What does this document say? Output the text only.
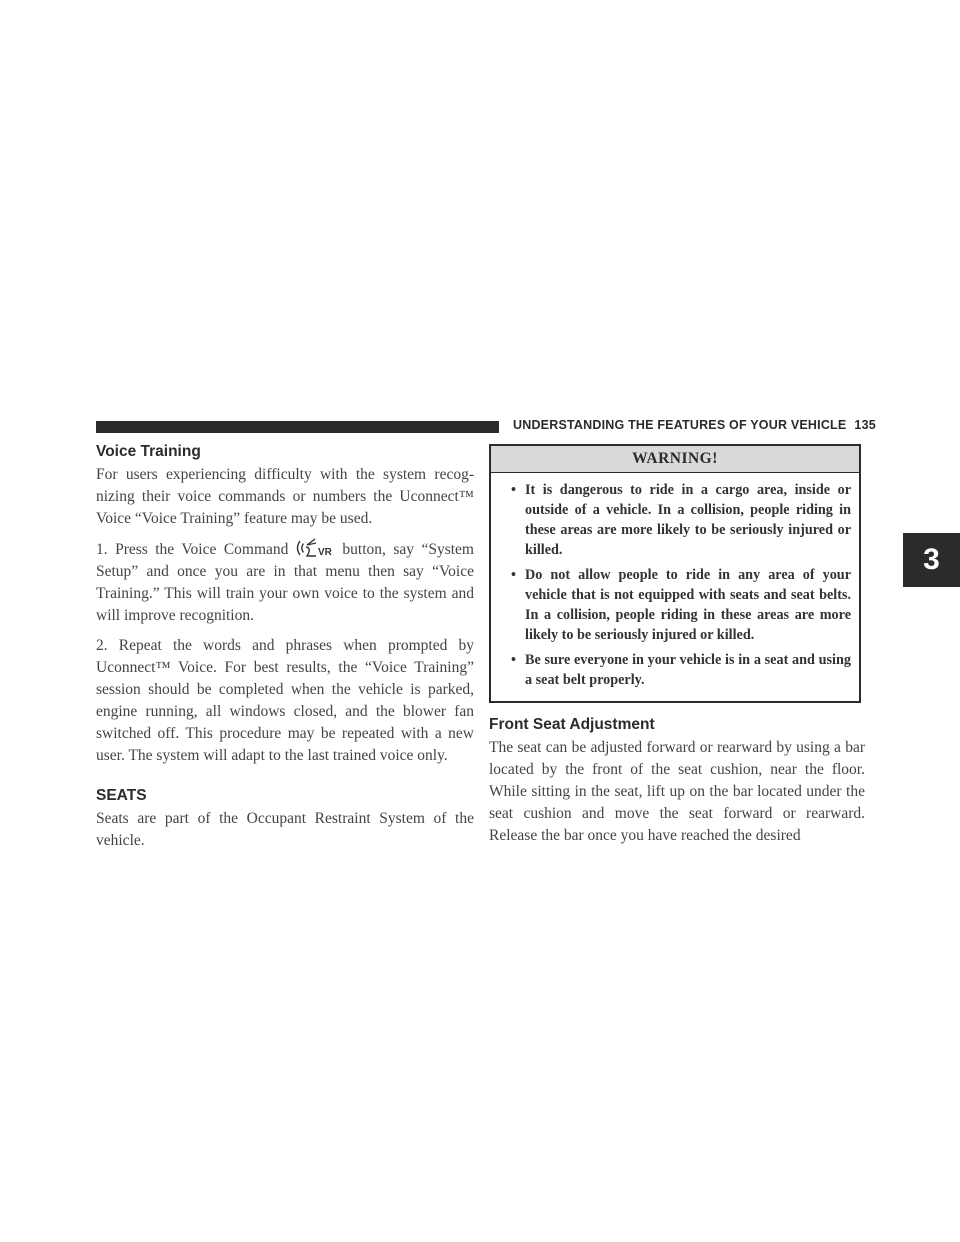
UNDERSTANDING THE FEATURES OF YOUR VEHICLE 135
Voice Training

For users experiencing difficulty with the system recog-nizing their voice commands or numbers the Uconnect™ Voice “Voice Training” feature may be used.

1. Press the Voice Command	VR button, say “System Setup” and once you are in that menu then say “Voice Training.” This will train your own voice to the system and will improve recognition.

2. Repeat the words and phrases when prompted by Uconnect™ Voice. For best results, the “Voice Training” session should be completed when the vehicle is parked, engine running, all windows closed, and the blower fan switched off. This procedure may be repeated with a new user. The system will adapt to the last trained voice only.

SEATS

Seats are part of the Occupant Restraint System of the vehicle.

WARNING!
• It is dangerous to ride in a cargo area, inside or outside of a vehicle. In a collision, people riding in these areas are more likely to be seriously injured or killed.
• Do not allow people to ride in any area of your vehicle that is not equipped with seats and seat belts. In a collision, people riding in these areas are more likely to be seriously injured or killed.
• Be sure everyone in your vehicle is in a seat and using a seat belt properly.
Front Seat Adjustment

The seat can be adjusted forward or rearward by using a bar located by the front of the seat cushion, near the floor. While sitting in the seat, lift up on the bar located under the seat cushion and move the seat forward or rearward. Release the bar once you have reached the desired

3
